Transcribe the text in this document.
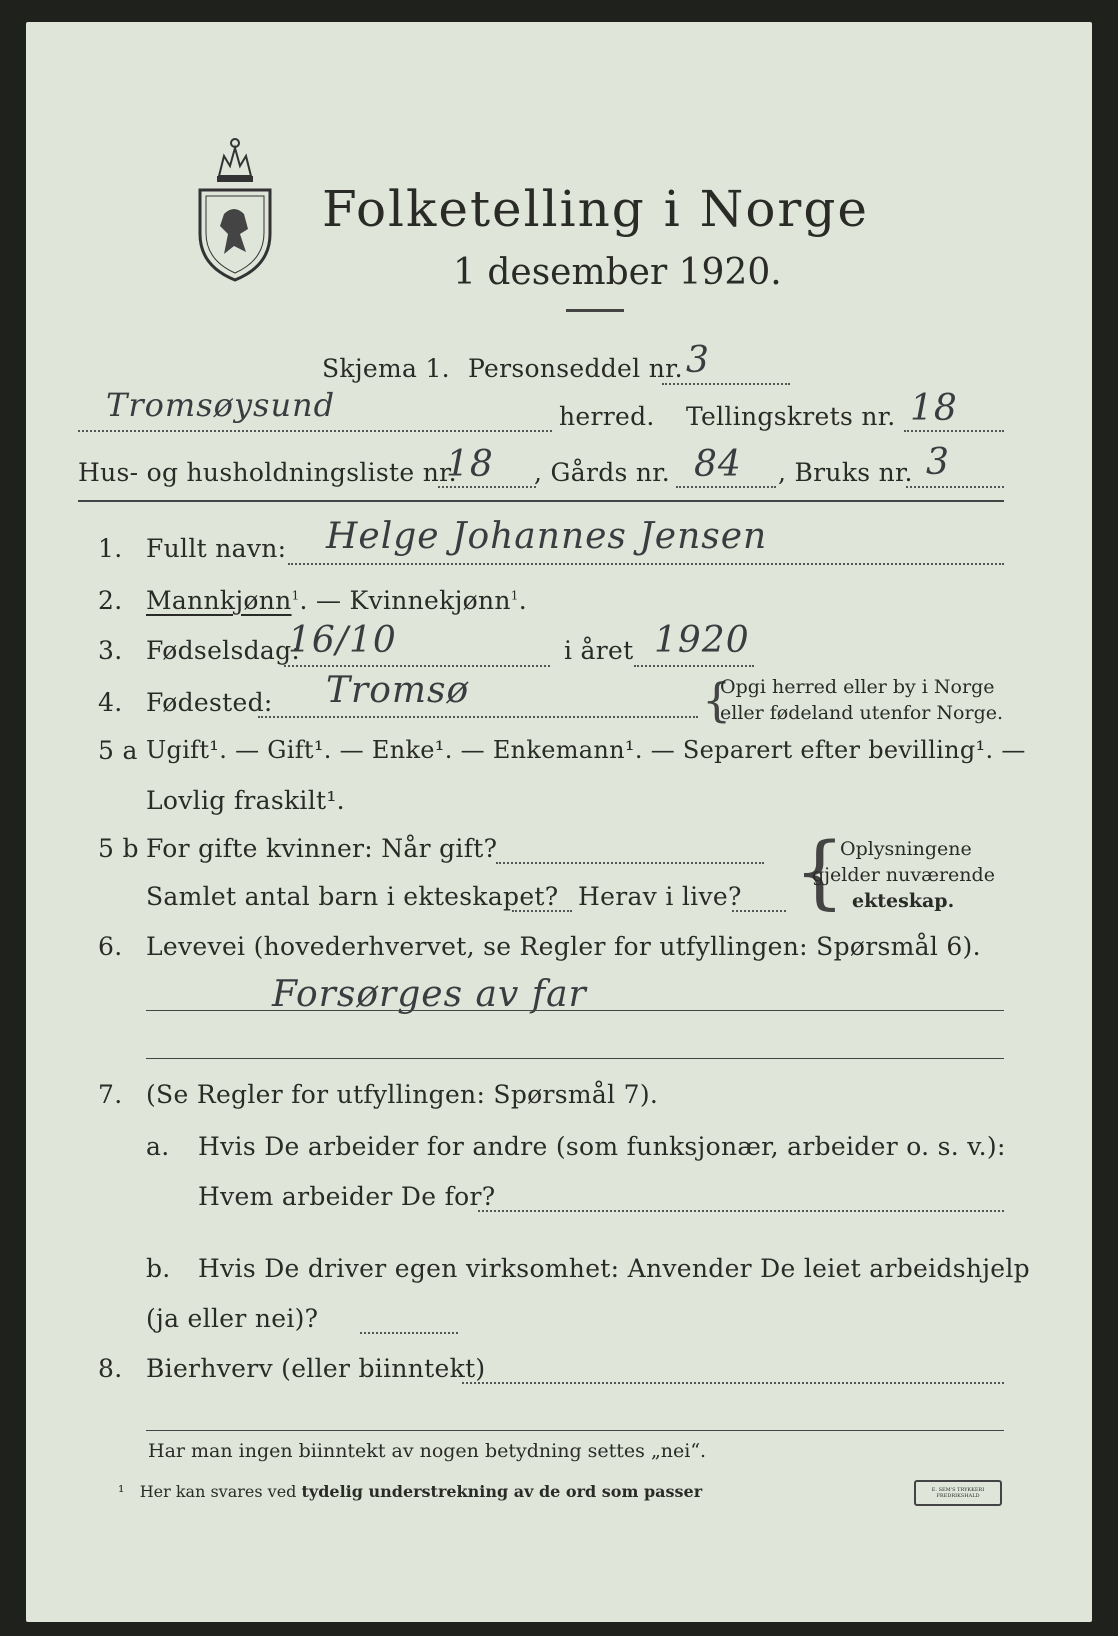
Folketelling i Norge
1 desember 1920.
Skjema 1. Personseddel nr. 3
Tromsøysund	herred. Tellingskrets nr. 18
Hus- og husholdningsliste nr.
18 , Gårds nr. 84 , Bruks nr. 3
1. Fullt navn: Helge Johannes Jensen
2. Mannkjønn$^1$. — Kvinnekjønn$^1$.
3. Fødselsdag:
16/10	i året 1920
4. Fødested: Tromsø	{
Opgi herred eller by i Norge
eller fødeland utenfor Norge.
5 a Ugift¹. — Gift¹. — Enke¹. — Enkemann¹. — Separert efter bevilling¹. —
Lovlig fraskilt¹.
5 b For gifte kvinner: Når gift?
Samlet antal barn i ekteskapet? Herav i live? {
Oplysningene
gjelder nuværende
ekteskap.
6. Levevei (hovederhvervet, se Regler for utfyllingen: Spørsmål 6).
Forsørges av far
7. (Se Regler for utfyllingen: Spørsmål 7).
a. Hvis De arbeider for andre (som funksjonær, arbeider o. s. v.):
Hvem arbeider De for?
b. Hvis De driver egen virksomhet: Anvender De leiet arbeidshjelp
(ja eller nei)?
8. Bierhverv (eller biinntekt)
Har man ingen biinntekt av nogen betydning settes „nei“.
¹ Her kan svares ved tydelig understrekning av de ord som passer	E. SEM'S TRYKKERI FREDRIKSHALD
